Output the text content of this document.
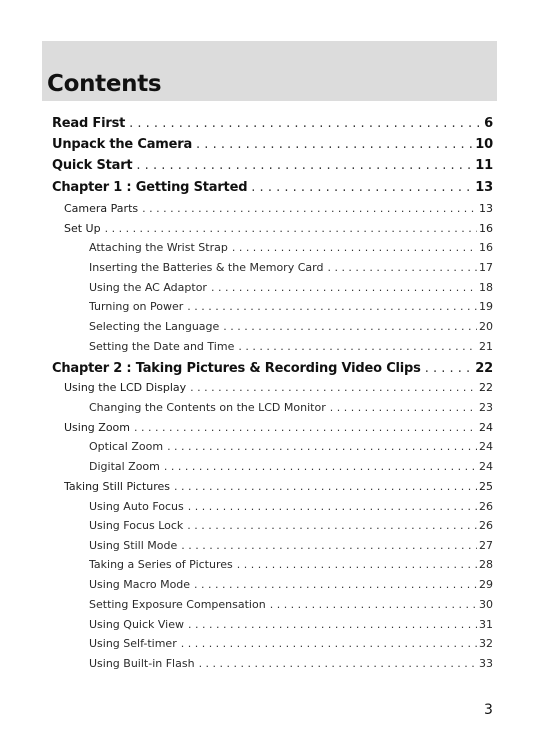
Contents
Read First . . .	6
Unpack the Camera . . .	10
Quick Start . . .	11
Chapter 1 : Getting Started . . .	13
Camera Parts . . .	13
Set Up . . .	16
Attaching the Wrist Strap . . .	16
Inserting the Batteries & the Memory Card . . .	17
Using the AC Adaptor . . .	18
Turning on Power . . .	19
Selecting the Language . . .	20
Setting the Date and Time . . .	21
Chapter 2 : Taking Pictures & Recording Video Clips . . .	22
Using the LCD Display . . .	22
Changing the Contents on the LCD Monitor . . .	23
Using Zoom . . .	24
Optical Zoom . . .	24
Digital Zoom . . .	24
Taking Still Pictures . . .	25
Using Auto Focus . . .	26
Using Focus Lock . . .	26
Using Still Mode . . .	27
Taking a Series of Pictures . . .	28
Using Macro Mode . . .	29
Setting Exposure Compensation . . .	30
Using Quick View . . .	31
Using Self-timer . . .	32
Using Built-in Flash . . .	33
3
